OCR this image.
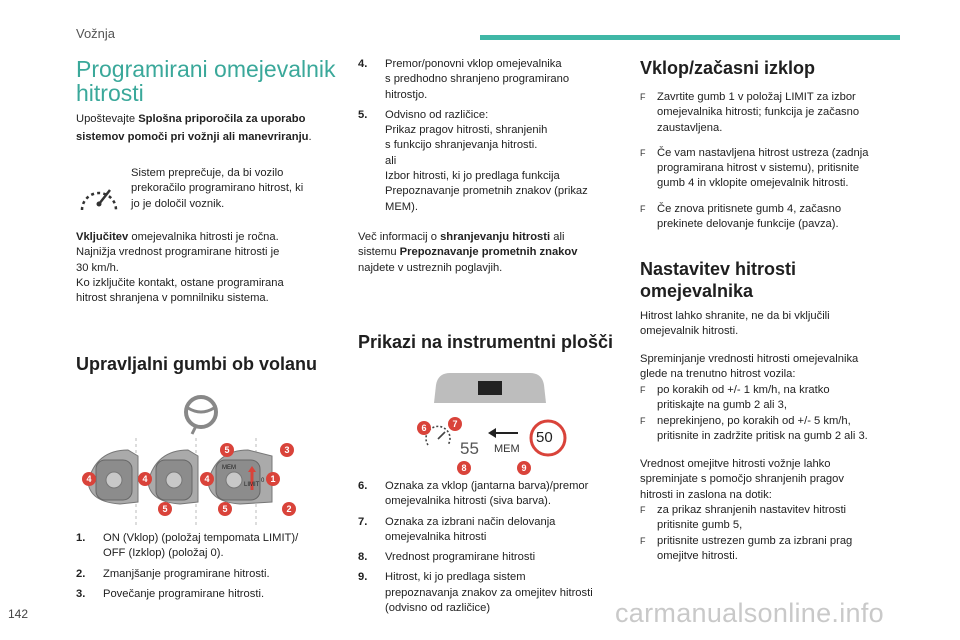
Vožnja
142	carmanualsonline.info
Programirani omejevalnik
hitrosti

Upoštevajte Splošna priporočila za uporabo sistemov pomoči pri vožnji ali manevriranju.

Sistem preprečuje, da bi vozilo
prekoračilo programirano hitrost, ki
jo je določil voznik.

Vključitev omejevalnika hitrosti je ročna.
Najnižja vrednost programirane hitrosti je
30 km/h.
Ko izključite kontakt, ostane programirana
hitrost shranjena v pomnilniku sistema.

Upravljalni gumbi ob volanu
MEM
LIMIT
0
5	3
4	4	4	1
5	5	2
1.	ON (Vklop) (položaj tempomata LIMIT)/
OFF (Izklop) (položaj 0).
2.	Zmanjšanje programirane hitrosti.
3.	Povečanje programirane hitrosti.
4.	Premor/ponovni vklop omejevalnika
s predhodno shranjeno programirano
hitrostjo.
5.	Odvisno od različice:
Prikaz pragov hitrosti, shranjenih
s funkcijo shranjevanja hitrosti.
ali
Izbor hitrosti, ki jo predlaga funkcija
Prepoznavanje prometnih znakov (prikaz
MEM).

Več informacij o shranjevanju hitrosti ali
sistemu Prepoznavanje prometnih znakov
najdete v ustreznih poglavjih.

Prikazi na instrumentni plošči
55 MEM
50
6	7
8	9
6.	Oznaka za vklop (jantarna barva)/premor
omejevalnika hitrosti (siva barva).
7.	Oznaka za izbrani način delovanja
omejevalnika hitrosti
8.	Vrednost programirane hitrosti
9.	Hitrost, ki jo predlaga sistem
prepoznavanja znakov za omejitev hitrosti
(odvisno od različice)
Vklop/začasni izklop
F	Zavrtite gumb 1 v položaj LIMIT za izbor
omejevalnika hitrosti; funkcija je začasno
zaustavljena.
F	Če vam nastavljena hitrost ustreza (zadnja
programirana hitrost v sistemu), pritisnite
gumb 4 in vklopite omejevalnik hitrosti.
F	Če znova pritisnete gumb 4, začasno
prekinete delovanje funkcije (pavza).
Nastavitev hitrosti
omejevalnika

Hitrost lahko shranite, ne da bi vključili
omejevalnik hitrosti.

Spreminjanje vrednosti hitrosti omejevalnika
glede na trenutno hitrost vozila:

F	po korakih od +/- 1 km/h, na kratko
pritiskajte na gumb 2 ali 3,
F	neprekinjeno, po korakih od +/- 5 km/h,
pritisnite in zadržite pritisk na gumb 2 ali 3.

Vrednost omejitve hitrosti vožnje lahko
spreminjate s pomočjo shranjenih pragov
hitrosti in zaslona na dotik:

F	za prikaz shranjenih nastavitev hitrosti
pritisnite gumb 5,
F	pritisnite ustrezen gumb za izbrani prag
omejitve hitrosti.
